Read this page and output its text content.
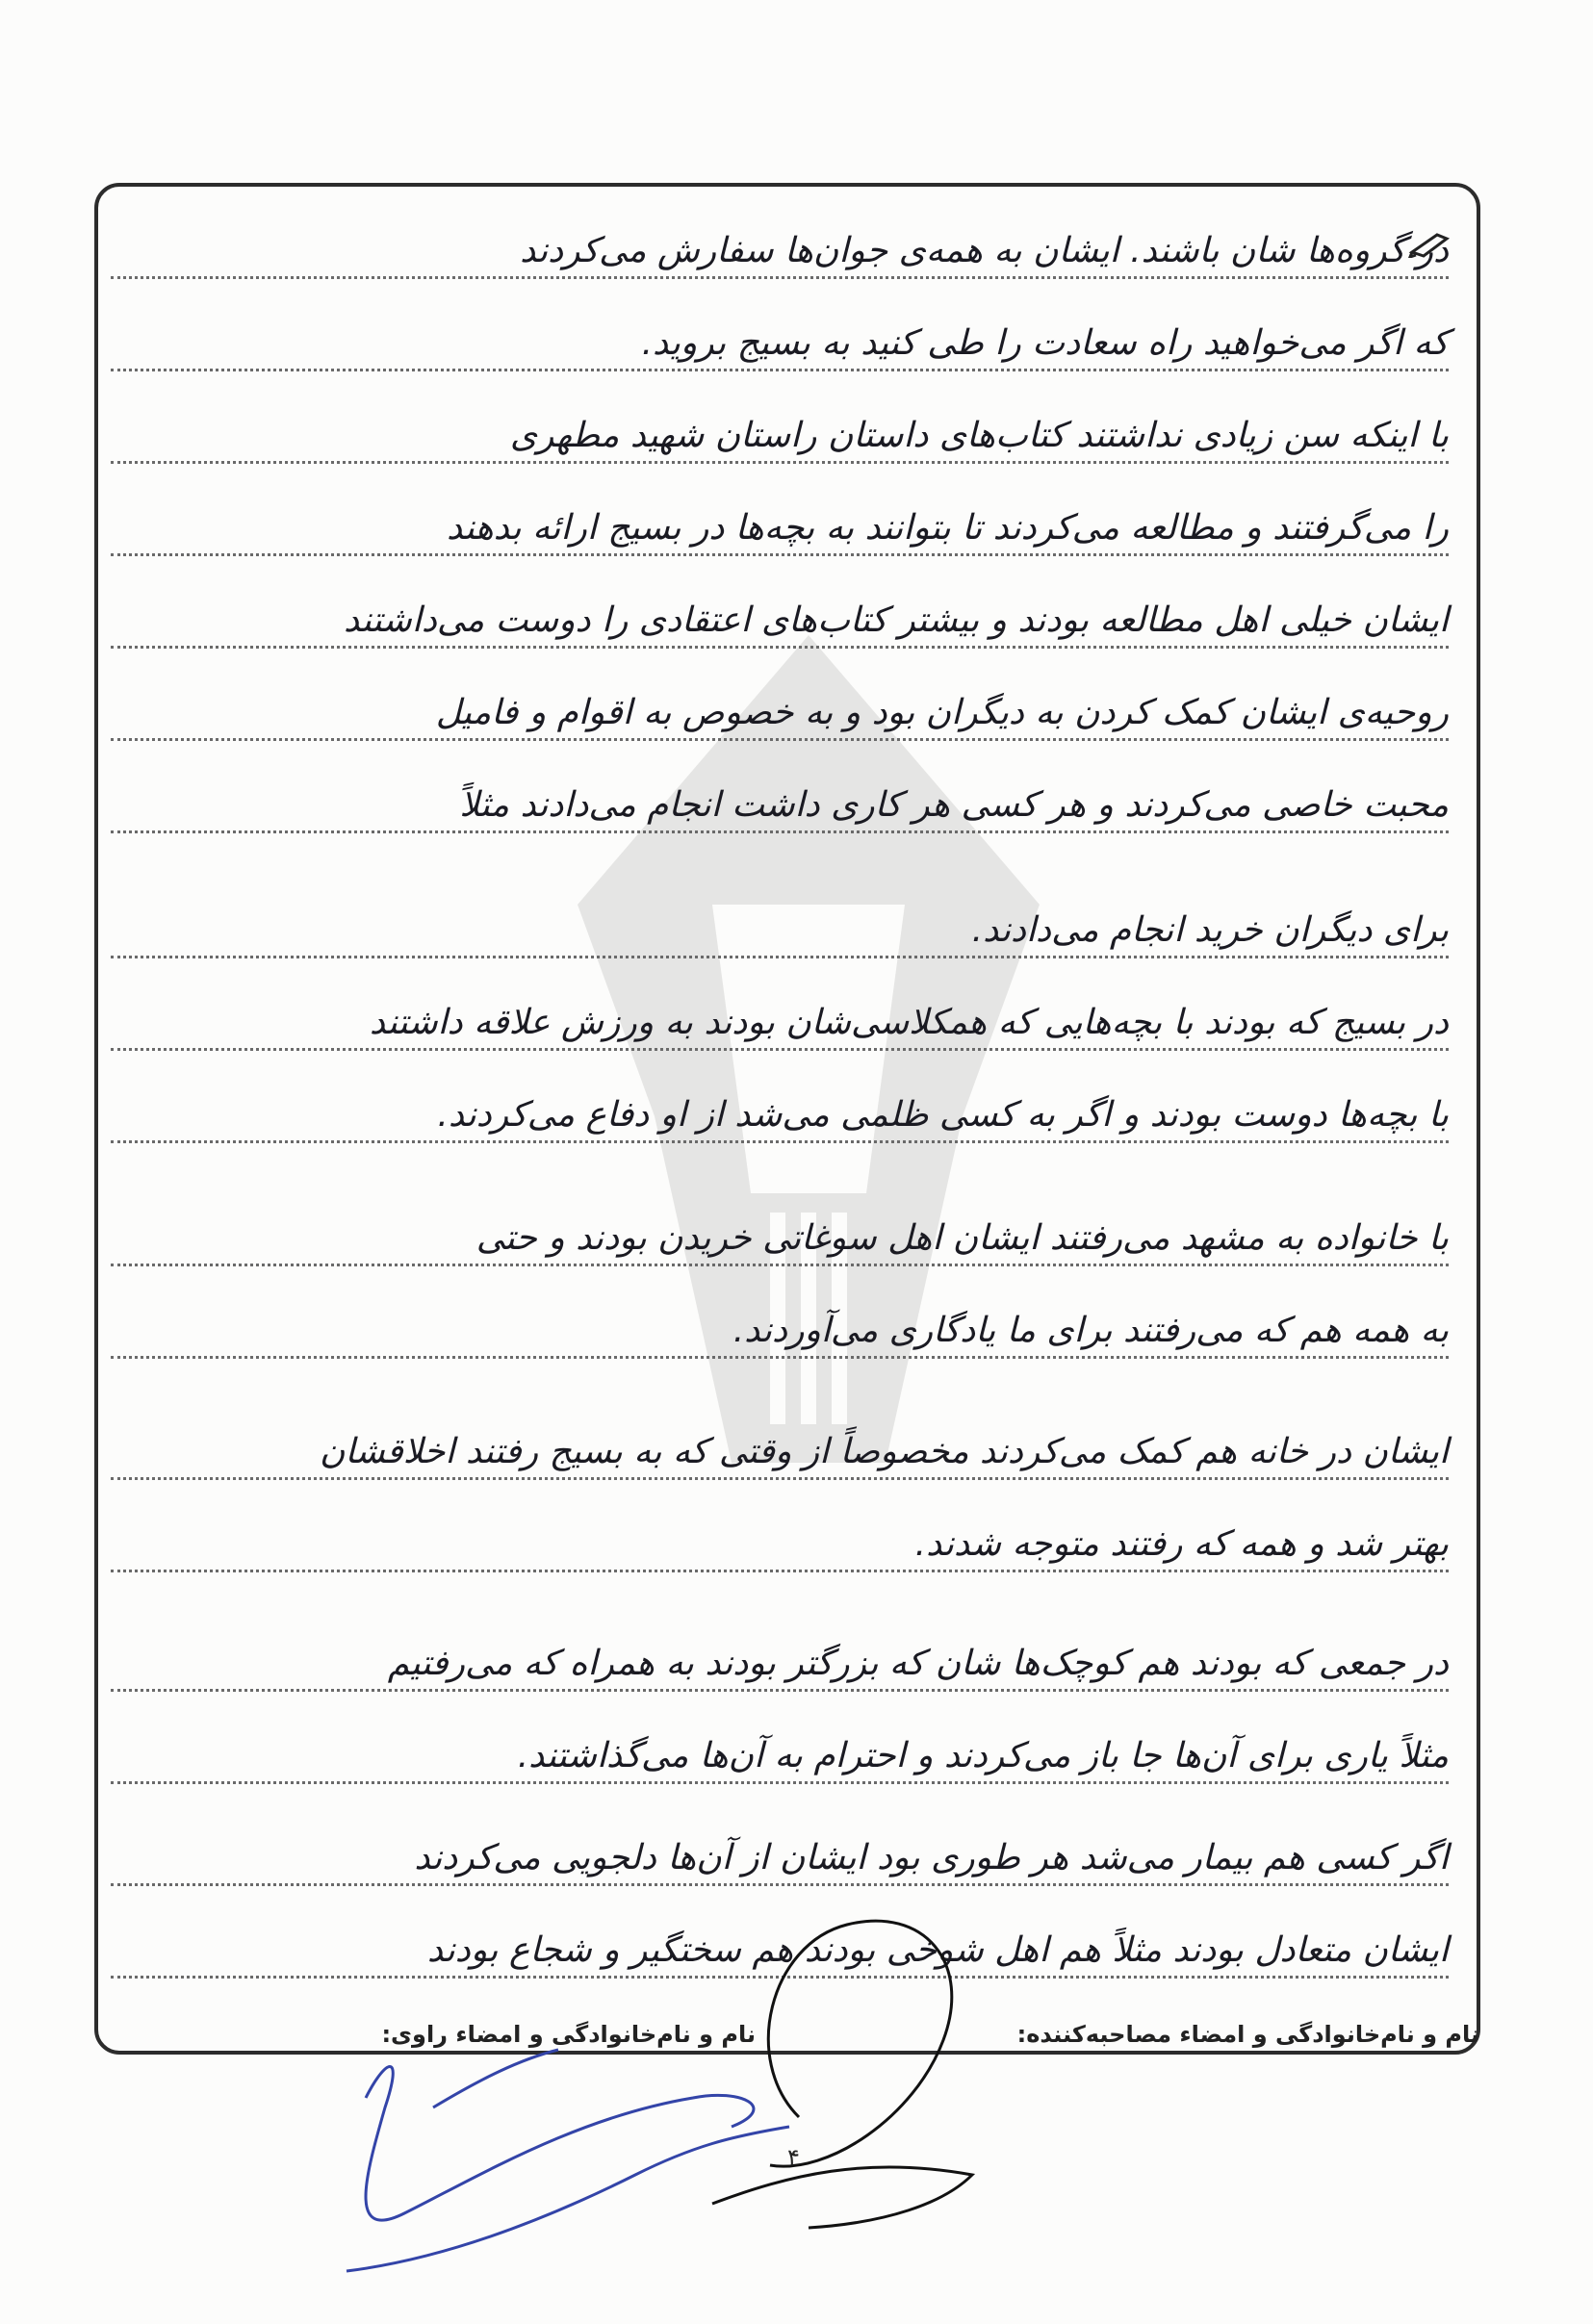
در گروه‌ها شان باشند. ایشان به همه‌ی جوان‌ها سفارش می‌کردند
که اگر می‌خواهید راه سعادت را طی کنید به بسیج بروید.
با اینکه سن زیادی نداشتند کتاب‌های داستان راستان شهید مطهری
را می‌گرفتند و مطالعه می‌کردند تا بتوانند به بچه‌ها در بسیج ارائه بدهند
ایشان خیلی اهل مطالعه بودند و بیشتر کتاب‌های اعتقادی را دوست می‌داشتند
روحیه‌ی ایشان کمک کردن به دیگران بود و به خصوص به اقوام و فامیل
محبت خاصی می‌کردند و هر کسی هر کاری داشت انجام می‌دادند مثلاً
برای دیگران خرید انجام می‌دادند.
در بسیج که بودند با بچه‌هایی که همکلاسی‌شان بودند به ورزش علاقه داشتند
با بچه‌ها دوست بودند و اگر به کسی ظلمی می‌شد از او دفاع می‌کردند.
با خانواده به مشهد می‌رفتند ایشان اهل سوغاتی خریدن بودند و حتی
به همه هم که می‌رفتند برای ما یادگاری می‌آوردند.
ایشان در خانه هم کمک می‌کردند مخصوصاً از وقتی که به بسیج رفتند اخلاقشان
بهتر شد و همه که رفتند متوجه شدند.
در جمعی که بودند هم کوچک‌ها شان که بزرگتر بودند به همراه که می‌رفتیم
مثلاً یاری برای آن‌ها جا باز می‌کردند و احترام به آن‌ها می‌گذاشتند.
اگر کسی هم بیمار می‌شد هر طوری بود ایشان از آن‌ها دلجویی می‌کردند
ایشان متعادل بودند مثلاً هم اهل شوخی بودند هم سختگیر و شجاع بودند
نام و نام‌خانوادگی و امضاء مصاحبه‌کننده:
نام و نام‌خانوادگی و امضاء راوی:
۴
